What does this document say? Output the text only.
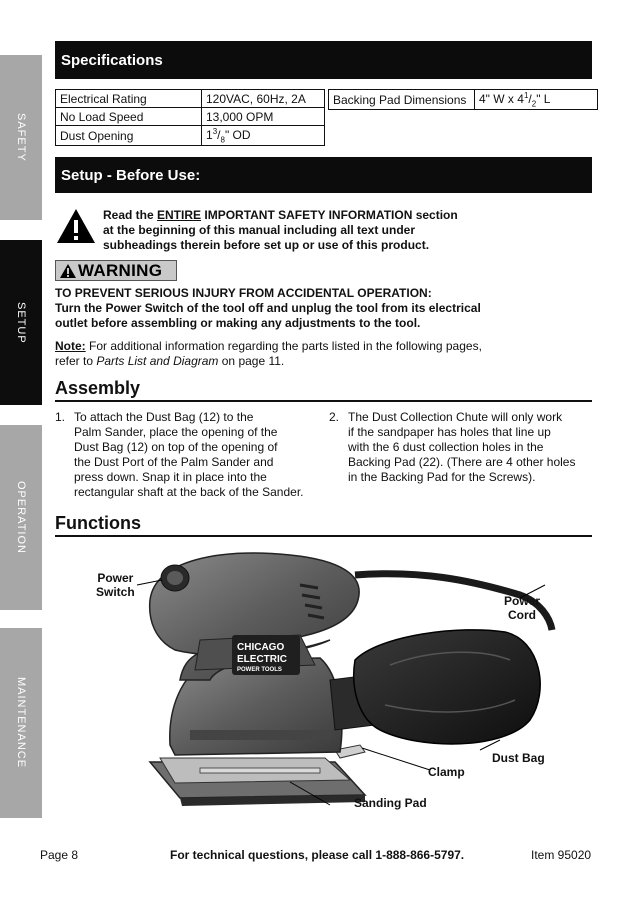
SAFETY
SETUP
OPERATION
MAINTENANCE
Specifications
Electrical Rating	120VAC, 60Hz, 2A
No Load Speed	13,000 OPM
Dust Opening	$1^3/_8$" OD
Backing Pad Dimensions	4" W x $4^1/_2$" L
Setup - Before Use:
Read the ENTIRE IMPORTANT SAFETY INFORMATION section
at the beginning of this manual including all text under
subheadings therein before set up or use of this product.
WARNING
TO PREVENT SERIOUS INJURY FROM ACCIDENTAL OPERATION:
Turn the Power Switch of the tool off and unplug the tool from its electrical
outlet before assembling or making any adjustments to the tool.
Note: For additional information regarding the parts listed in the following pages,
refer to Parts List and Diagram on page 11.
Assembly
1. To attach the Dust Bag (12) to the
Palm Sander, place the opening of the
Dust Bag (12) on top of the opening of
the Dust Port of the Palm Sander and
press down. Snap it in place into the
rectangular shaft at the back of the Sander.
2. The Dust Collection Chute will only work
if the sandpaper has holes that line up
with the 6 dust collection holes in the
Backing Pad (22). (There are 4 other holes
in the Backing Pad for the Screws).
Functions
CHICAGO
ELECTRIC
POWER TOOLS
Power
Switch
Power
Cord
Dust Bag
Clamp
Sanding Pad
Page 8	For technical questions, please call 1-888-866-5797.	Item 95020
